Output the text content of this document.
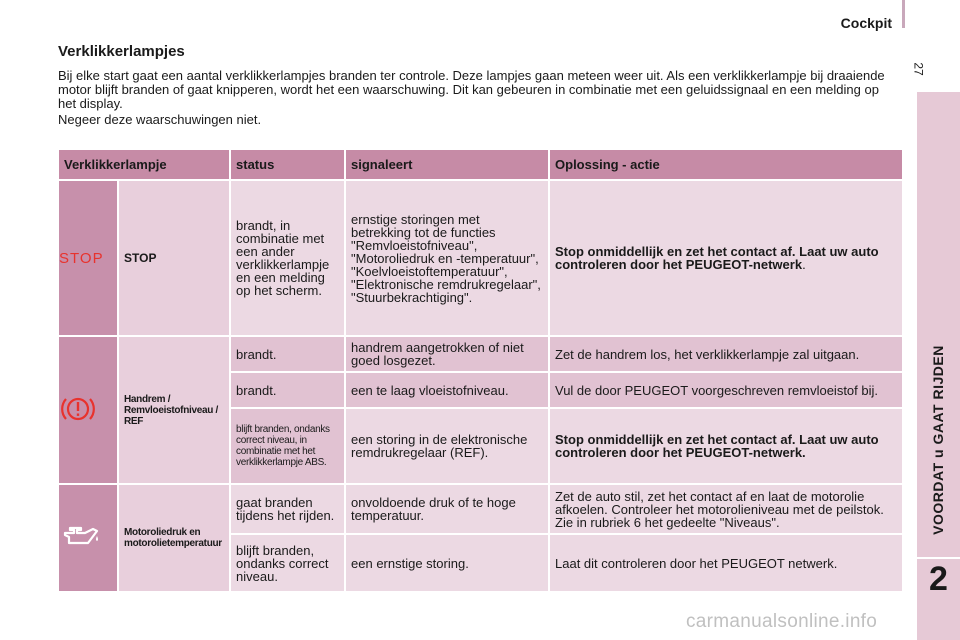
Cockpit
27
VOORDAT u GAAT RIJDEN
2
Verklikkerlampjes

Bij elke start gaat een aantal verklikkerlampjes branden ter controle. Deze lampjes gaan meteen weer uit. Als een verklikkerlampje bij draaiende motor blijft branden of gaat knipperen, wordt het een waarschuwing. Dit kan gebeuren in combinatie met een geluidssignaal en een melding op het display.

Negeer deze waarschuwingen niet.

Verklikkerlampje		status	signaleert	Oplossing - actie
STOP	STOP	brandt, in combinatie met een ander verklikkerlampje en een melding op het scherm.	ernstige storingen met betrekking tot de functies "Remvloeistofniveau", "Motoroliedruk en -temperatuur", "Koelvloeistoftemperatuur", "Elektronische remdrukregelaar", "Stuurbekrachtiging".	Stop onmiddellijk en zet het contact af. Laat uw auto controleren door het PEUGEOT-netwerk.
	Handrem / Remvloeistofniveau / REF	brandt.	handrem aangetrokken of niet goed losgezet.	Zet de handrem los, het verklikkerlampje zal uitgaan.
		brandt.	een te laag vloeistofniveau.	Vul de door PEUGEOT voorgeschreven remvloeistof bij.
		blijft branden, ondanks correct niveau, in combinatie met het verklikkerlampje ABS.	een storing in de elektronische remdrukregelaar (REF).	Stop onmiddellijk en zet het contact af. Laat uw auto controleren door het PEUGEOT-netwerk.
	Motoroliedruk en motorolietemperatuur	gaat branden tijdens het rijden.	onvoldoende druk of te hoge temperatuur.	Zet de auto stil, zet het contact af en laat de motorolie afkoelen. Controleer het motorolieniveau met de peilstok. Zie in rubriek 6 het gedeelte "Niveaus".
		blijft branden, ondanks correct niveau.	een ernstige storing.	Laat dit controleren door het PEUGEOT netwerk.
carmanualsonline.info
